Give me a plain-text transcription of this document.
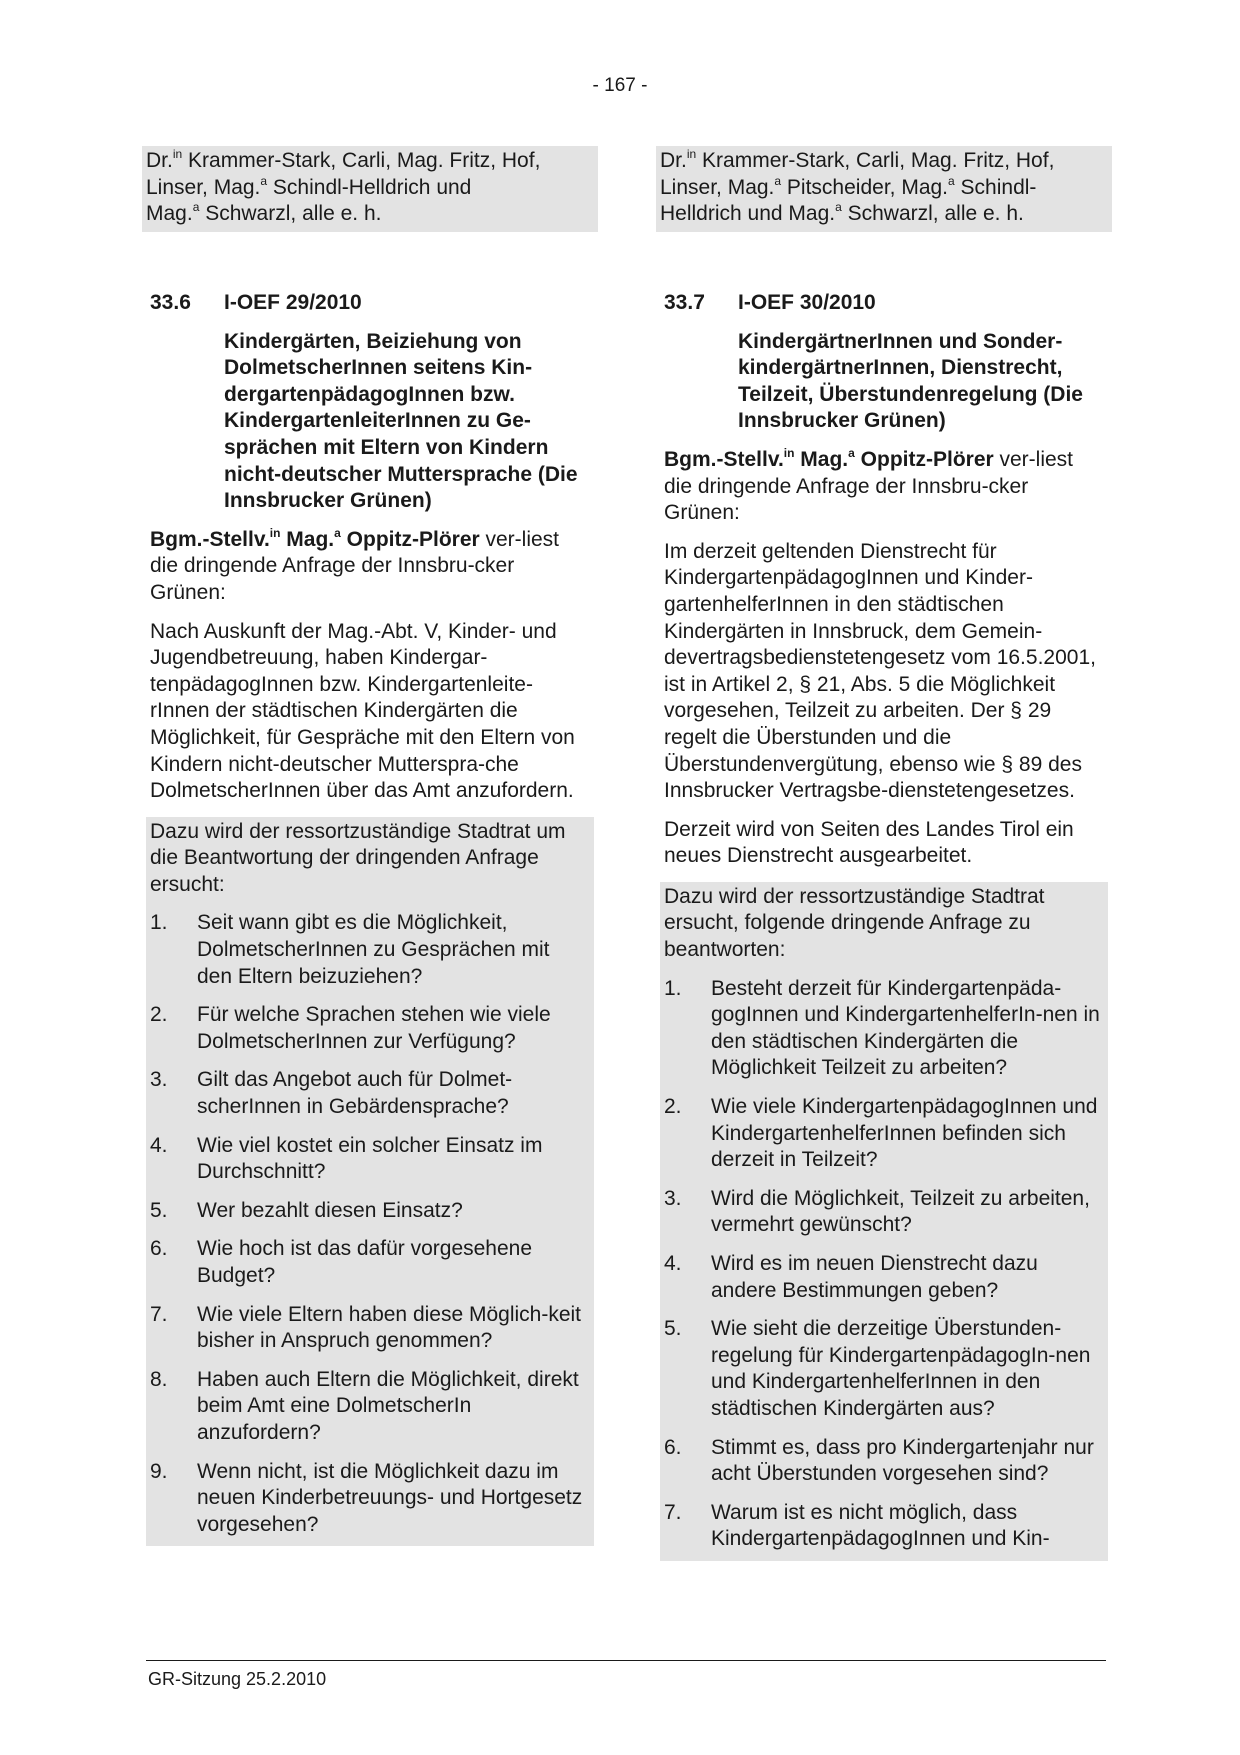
- 167 -
Dr.$^{in}$ Krammer-Stark, Carli, Mag. Fritz, Hof,
Linser, Mag.$^a$ Schindl-Helldrich und
Mag.$^a$ Schwarzl, alle e. h.
Dr.$^{in}$ Krammer-Stark, Carli, Mag. Fritz, Hof,
Linser, Mag.$^a$ Pitscheider, Mag.$^a$ Schindl-
Helldrich und Mag.$^a$ Schwarzl, alle e. h.
33.6	I-OEF 29/2010
Kindergärten, Beiziehung von DolmetscherInnen seitens Kin-dergartenpädagogInnen bzw. KindergartenleiterInnen zu Ge-sprächen mit Eltern von Kindern nicht-deutscher Muttersprache (Die Innsbrucker Grünen)

Bgm.-Stellv.$^{in}$ Mag.$^a$ Oppitz-Plörer ver-liest die dringende Anfrage der Innsbru-cker Grünen:

Nach Auskunft der Mag.-Abt. V, Kinder- und Jugendbetreuung, haben Kindergar-tenpädagogInnen bzw. Kindergartenleite-rInnen der städtischen Kindergärten die Möglichkeit, für Gespräche mit den Eltern von Kindern nicht-deutscher Mutterspra-che DolmetscherInnen über das Amt anzufordern.

Dazu wird der ressortzuständige Stadtrat um die Beantwortung der dringenden Anfrage ersucht:

1.	Seit wann gibt es die Möglichkeit, DolmetscherInnen zu Gesprächen mit den Eltern beizuziehen?
2.	Für welche Sprachen stehen wie viele DolmetscherInnen zur Verfügung?
3.	Gilt das Angebot auch für Dolmet-scherInnen in Gebärdensprache?
4.	Wie viel kostet ein solcher Einsatz im Durchschnitt?
5.	Wer bezahlt diesen Einsatz?
6.	Wie hoch ist das dafür vorgesehene Budget?
7.	Wie viele Eltern haben diese Möglich-keit bisher in Anspruch genommen?
8.	Haben auch Eltern die Möglichkeit, direkt beim Amt eine DolmetscherIn anzufordern?
9.	Wenn nicht, ist die Möglichkeit dazu im neuen Kinderbetreuungs- und Hortgesetz vorgesehen?
33.7	I-OEF 30/2010
KindergärtnerInnen und Sonder-kindergärtnerInnen, Dienstrecht, Teilzeit, Überstundenregelung (Die Innsbrucker Grünen)

Bgm.-Stellv.$^{in}$ Mag.$^a$ Oppitz-Plörer ver-liest die dringende Anfrage der Innsbru-cker Grünen:

Im derzeit geltenden Dienstrecht für KindergartenpädagogInnen und Kinder-gartenhelferInnen in den städtischen Kindergärten in Innsbruck, dem Gemein-devertragsbedienstetengesetz vom 16.5.2001, ist in Artikel 2, § 21, Abs. 5 die Möglichkeit vorgesehen, Teilzeit zu arbeiten. Der § 29 regelt die Überstunden und die Überstundenvergütung, ebenso wie § 89 des Innsbrucker Vertragsbe-dienstetengesetzes.

Derzeit wird von Seiten des Landes Tirol ein neues Dienstrecht ausgearbeitet.

Dazu wird der ressortzuständige Stadtrat ersucht, folgende dringende Anfrage zu beantworten:

1.	Besteht derzeit für Kindergartenpäda-gogInnen und KindergartenhelferIn-nen in den städtischen Kindergärten die Möglichkeit Teilzeit zu arbeiten?
2.	Wie viele KindergartenpädagogInnen und KindergartenhelferInnen befinden sich derzeit in Teilzeit?
3.	Wird die Möglichkeit, Teilzeit zu arbeiten, vermehrt gewünscht?
4.	Wird es im neuen Dienstrecht dazu andere Bestimmungen geben?
5.	Wie sieht die derzeitige Überstunden-regelung für KindergartenpädagogIn-nen und KindergartenhelferInnen in den städtischen Kindergärten aus?
6.	Stimmt es, dass pro Kindergartenjahr nur acht Überstunden vorgesehen sind?
7.	Warum ist es nicht möglich, dass KindergartenpädagogInnen und Kin-
GR-Sitzung 25.2.2010
